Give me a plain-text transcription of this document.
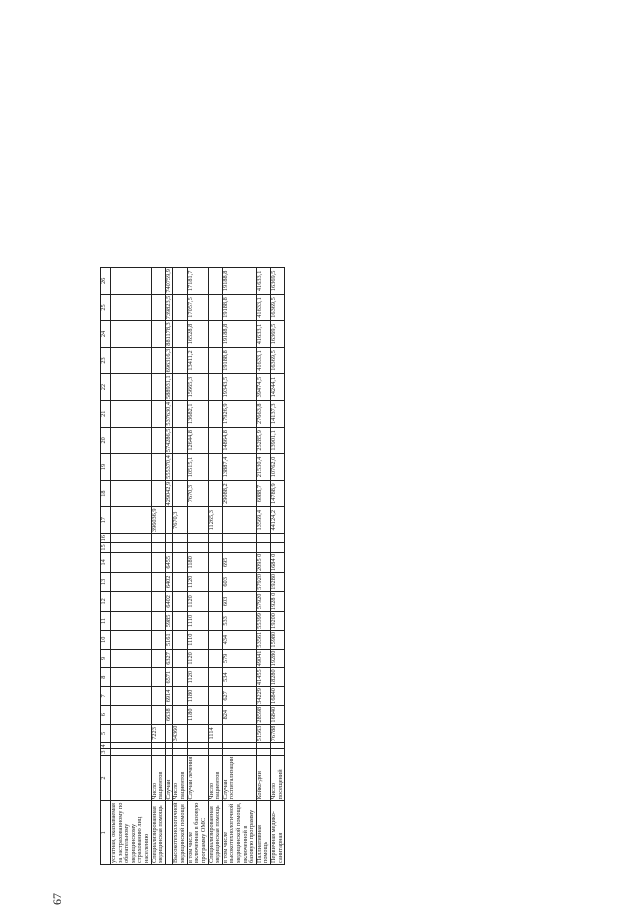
67
1	2	3	4	5	6	7	8	9	10	11	12	13	14	15	16	17	18	19	20	21	22	23	24	25	26
усгатная, оказываемая за застрахованному по обязательному медицинскому страхованию лиц населению																									
Специализированная медицинская помощь	Число пациентов			7223												396036,9									
	Случаи				6638	6914	6571	6327	5161	5985	6402	6402	6455				429042,9	555370,4	574286,5	537630,4	588931,1	696316,3	881178,3	739823,5	740759,9
Высокотехнологичной медицинской помощи	Число пациентов			34360												7670,3									
в том числе включенная в базовую программу ОМС	Случаи лечения				1180	1180	1120	1120	1110	1110	1120	1120	1180				7670,3	10515,1	12644,8	13682,1	15665,3	13411,2	16528,8	17057,5	17181,7
Специализированная медицинская помощь	Число пациентов			1114												11265,3									
в том числе высокотехнологичной медицинской помощи, включенной в базовую программу	Случаи госпитализации				824	627	534	579	434	533	603	603	695				29088,2	13887,4	14864,8	17926,9	19343,5	19188,8	19188,8	19188,8	19188,8
Паллиативная помощь	Койко-дни			51563	28598	34229	41455	49041	53561	55399	57920	57920	2095 0			13569,4	6088,7	21530,4	25285,9	27663,8	39474,5	41633,1	41633,1	41633,1	41633,1
Первичная медико-санитарная	Число посещений			76788	16840	16840	18280	19280	15980	19200	1928 0	19280	1684 0			44124,2	14788,9	10762,0	13901,1	14137,3	14244,1	16369,5	16369,5	16369,5	16369,5
